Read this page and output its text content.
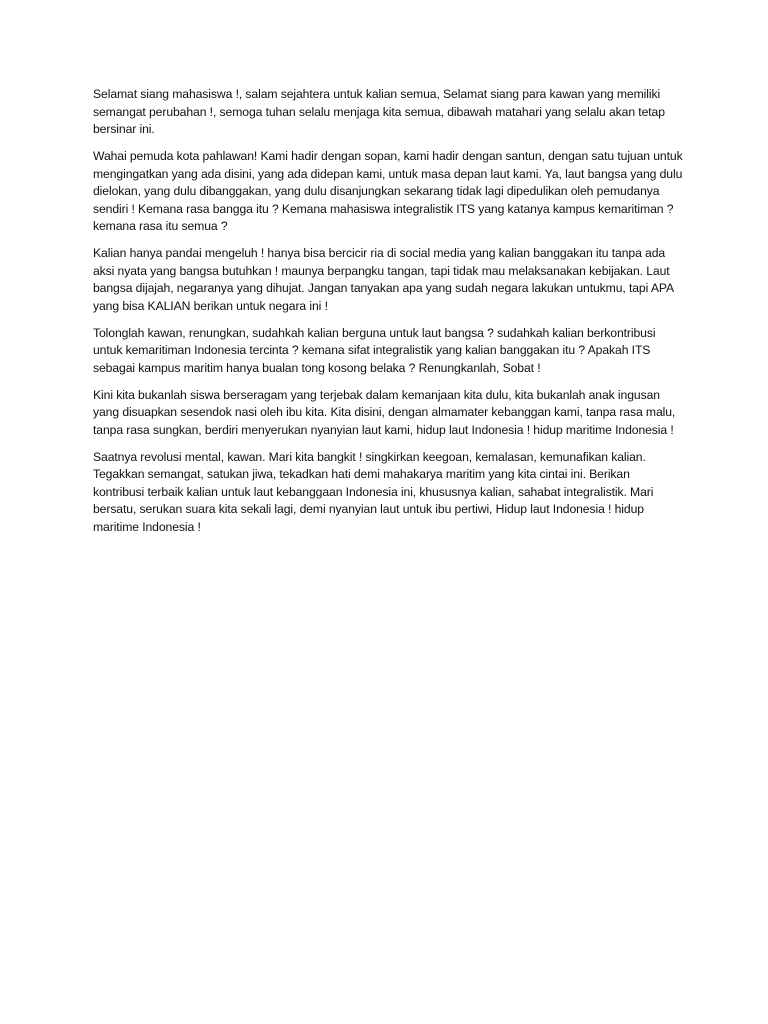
Selamat siang mahasiswa !, salam sejahtera untuk kalian semua, Selamat siang para kawan yang memiliki semangat perubahan !, semoga tuhan selalu menjaga kita semua, dibawah matahari yang selalu akan tetap bersinar ini.

Wahai pemuda kota pahlawan! Kami hadir dengan sopan, kami hadir dengan santun, dengan satu tujuan untuk mengingatkan yang ada disini, yang ada didepan kami, untuk masa depan laut kami. Ya, laut bangsa yang dulu dielokan, yang dulu dibanggakan, yang dulu disanjungkan sekarang tidak lagi dipedulikan oleh pemudanya sendiri ! Kemana rasa bangga itu ? Kemana mahasiswa integralistik ITS yang katanya kampus kemaritiman ? kemana rasa itu semua ?

Kalian hanya pandai mengeluh ! hanya bisa bercicir ria di social media yang kalian banggakan itu tanpa ada aksi nyata yang bangsa butuhkan ! maunya berpangku tangan, tapi tidak mau melaksanakan kebijakan. Laut bangsa dijajah, negaranya yang dihujat. Jangan tanyakan apa yang sudah negara lakukan untukmu, tapi APA yang bisa KALIAN berikan untuk negara ini !

Tolonglah kawan, renungkan, sudahkah kalian berguna untuk laut bangsa ? sudahkah kalian berkontribusi untuk kemaritiman Indonesia tercinta ? kemana sifat integralistik yang kalian banggakan itu ? Apakah ITS sebagai kampus maritim hanya bualan tong kosong belaka ? Renungkanlah, Sobat !

Kini kita bukanlah siswa berseragam yang terjebak dalam kemanjaan kita dulu, kita bukanlah anak ingusan yang disuapkan sesendok nasi oleh ibu kita. Kita disini, dengan almamater kebanggan kami, tanpa rasa malu, tanpa rasa sungkan, berdiri menyerukan nyanyian laut kami, hidup laut Indonesia ! hidup maritime Indonesia !

Saatnya revolusi mental, kawan. Mari kita bangkit ! singkirkan keegoan, kemalasan, kemunafikan kalian. Tegakkan semangat, satukan jiwa, tekadkan hati demi mahakarya maritim yang kita cintai ini. Berikan kontribusi terbaik kalian untuk laut kebanggaan Indonesia ini, khususnya kalian, sahabat integralistik. Mari bersatu, serukan suara kita sekali lagi, demi nyanyian laut untuk ibu pertiwi, Hidup laut Indonesia ! hidup maritime Indonesia !
